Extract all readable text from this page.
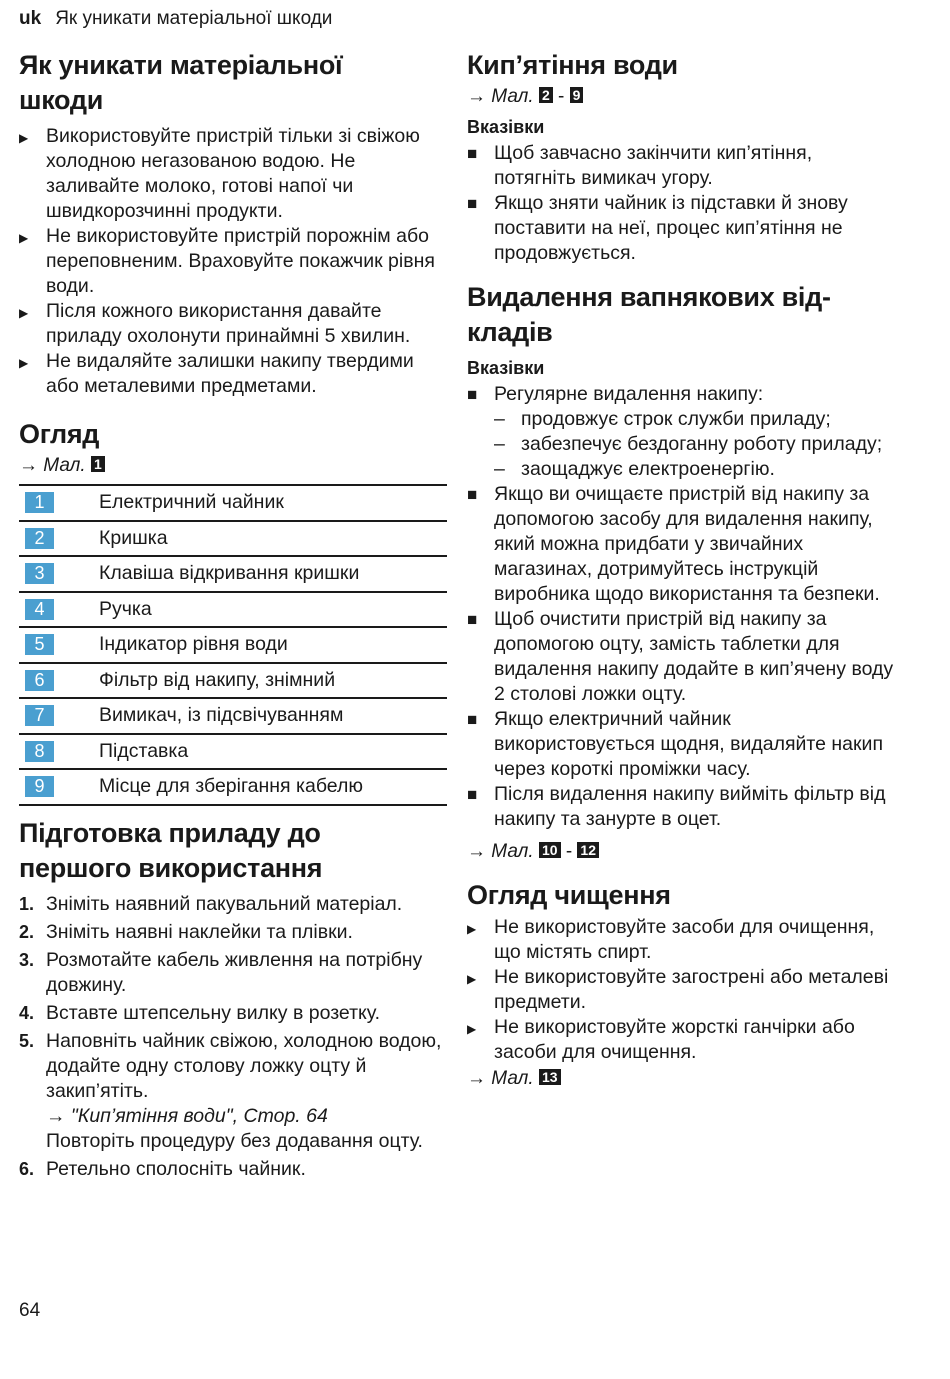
uk Як уникати матеріальної шкоди
Як уникати матеріальної
шкоди
▶ Використовуйте пристрій тільки зі свіжою холодною негазованою водою. Не заливайте молоко, готові напої чи швидкорозчинні продукти.
▶ Не використовуйте пристрій порожнім або переповненим. Враховуйте покажчик рівня води.
▶ Після кожного використання давайте приладу охолонути принаймні 5 хвилин.
▶ Не видаляйте залишки накипу твердими або металевими предметами.
Огляд
→ Мал. 1
1	Електричний чайник
2	Кришка
3	Клавіша відкривання кришки
4	Ручка
5	Індикатор рівня води
6	Фільтр від накипу, знімний
7	Вимикач, із підсвічуванням
8	Підставка
9	Місце для зберігання кабелю
Підготовка приладу до
першого використання
1. Зніміть наявний пакувальний матеріал.
2. Зніміть наявні наклейки та плівки.
3. Розмотайте кабель живлення на потрібну довжину.
4. Вставте штепсельну вилку в розетку.
5. Наповніть чайник свіжою, холодною водою, додайте одну столову ложку оцту й закип’ятіть.
→ "Кип’ятіння води", Стор. 64
Повторіть процедуру без додавання оцту.
6. Ретельно сполосніть чайник.
Кип’ятіння води
→ Мал. 2 - 9
Вказівки
■ Щоб завчасно закінчити кип’ятіння, потягніть вимикач угору.
■ Якщо зняти чайник із підставки й знову поставити на неї, процес кип’ятіння не продовжується.
Видалення вапнякових від-
кладів
Вказівки
■ Регулярне видалення накипу:
– продовжує строк служби приладу;
– забезпечує бездоганну роботу приладу;
– заощаджує електроенергію.
■ Якщо ви очищаєте пристрій від накипу за допомогою засобу для видалення накипу, який можна придбати у звичайних магазинах, дотримуйтесь інструкцій виробника щодо використання та безпеки.
■ Щоб очистити пристрій від накипу за допомогою оцту, замість таблетки для видалення накипу додайте в кип’ячену воду 2 столові ложки оцту.
■ Якщо електричний чайник використовується щодня, видаляйте накип через короткі проміжки часу.
■ Після видалення накипу вийміть фільтр від накипу та занурте в оцет.
→ Мал. 10 - 12
Огляд чищення
▶ Не використовуйте засоби для очищення, що містять спирт.
▶ Не використовуйте загострені або металеві предмети.
▶ Не використовуйте жорсткі ганчірки або засоби для очищення.
→ Мал. 13
64
